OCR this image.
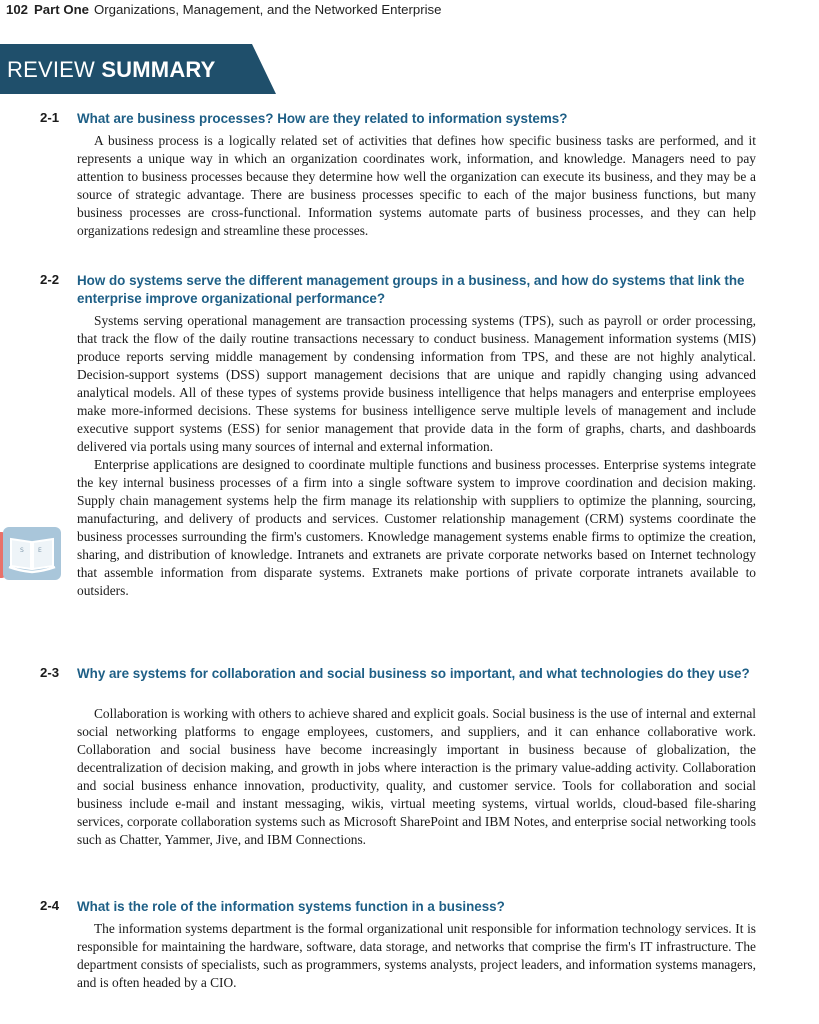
102 Part One Organizations, Management, and the Networked Enterprise
REVIEW SUMMARY
2-1 What are business processes? How are they related to information systems?

A business process is a logically related set of activities that defines how specific business tasks are performed, and it represents a unique way in which an organization coordinates work, information, and knowledge. Managers need to pay attention to business processes because they determine how well the organization can execute its business, and they may be a source of strategic advantage. There are business processes specific to each of the major business functions, but many business processes are cross-functional. Information systems automate parts of business processes, and they can help organizations redesign and streamline these processes.

2-2 How do systems serve the different management groups in a business, and how do systems that link the enterprise improve organizational performance?

Systems serving operational management are transaction processing systems (TPS), such as payroll or order processing, that track the flow of the daily routine transactions necessary to conduct business. Management information systems (MIS) produce reports serving middle management by condensing information from TPS, and these are not highly analytical. Decision-support systems (DSS) support management decisions that are unique and rapidly changing using advanced analytical models. All of these types of systems provide business intelligence that helps managers and enterprise employees make more-informed decisions. These systems for business intelligence serve multiple levels of management and include executive support systems (ESS) for senior management that provide data in the form of graphs, charts, and dashboards delivered via portals using many sources of internal and external information.

Enterprise applications are designed to coordinate multiple functions and business processes. Enterprise systems integrate the key internal business processes of a firm into a single software system to improve coordination and decision making. Supply chain management systems help the firm manage its relationship with suppliers to optimize the planning, sourcing, manufacturing, and delivery of products and services. Customer relationship management (CRM) systems coordinate the business processes surrounding the firm's customers. Knowledge management systems enable firms to optimize the creation, sharing, and distribution of knowledge. Intranets and extranets are private corporate networks based on Internet technology that assemble information from disparate systems. Extranets make portions of private corporate intranets available to outsiders.

2-3 Why are systems for collaboration and social business so important, and what technologies do they use?

Collaboration is working with others to achieve shared and explicit goals. Social business is the use of internal and external social networking platforms to engage employees, customers, and suppliers, and it can enhance collaborative work. Collaboration and social business have become increasingly important in business because of globalization, the decentralization of decision making, and growth in jobs where interaction is the primary value-adding activity. Collaboration and social business enhance innovation, productivity, quality, and customer service. Tools for collaboration and social business include e-mail and instant messaging, wikis, virtual meeting systems, virtual worlds, cloud-based file-sharing services, corporate collaboration systems such as Microsoft SharePoint and IBM Notes, and enterprise social networking tools such as Chatter, Yammer, Jive, and IBM Connections.

2-4 What is the role of the information systems function in a business?

The information systems department is the formal organizational unit responsible for information technology services. It is responsible for maintaining the hardware, software, data storage, and networks that comprise the firm's IT infrastructure. The department consists of specialists, such as programmers, systems analysts, project leaders, and information systems managers, and is often headed by a CIO.

S E
